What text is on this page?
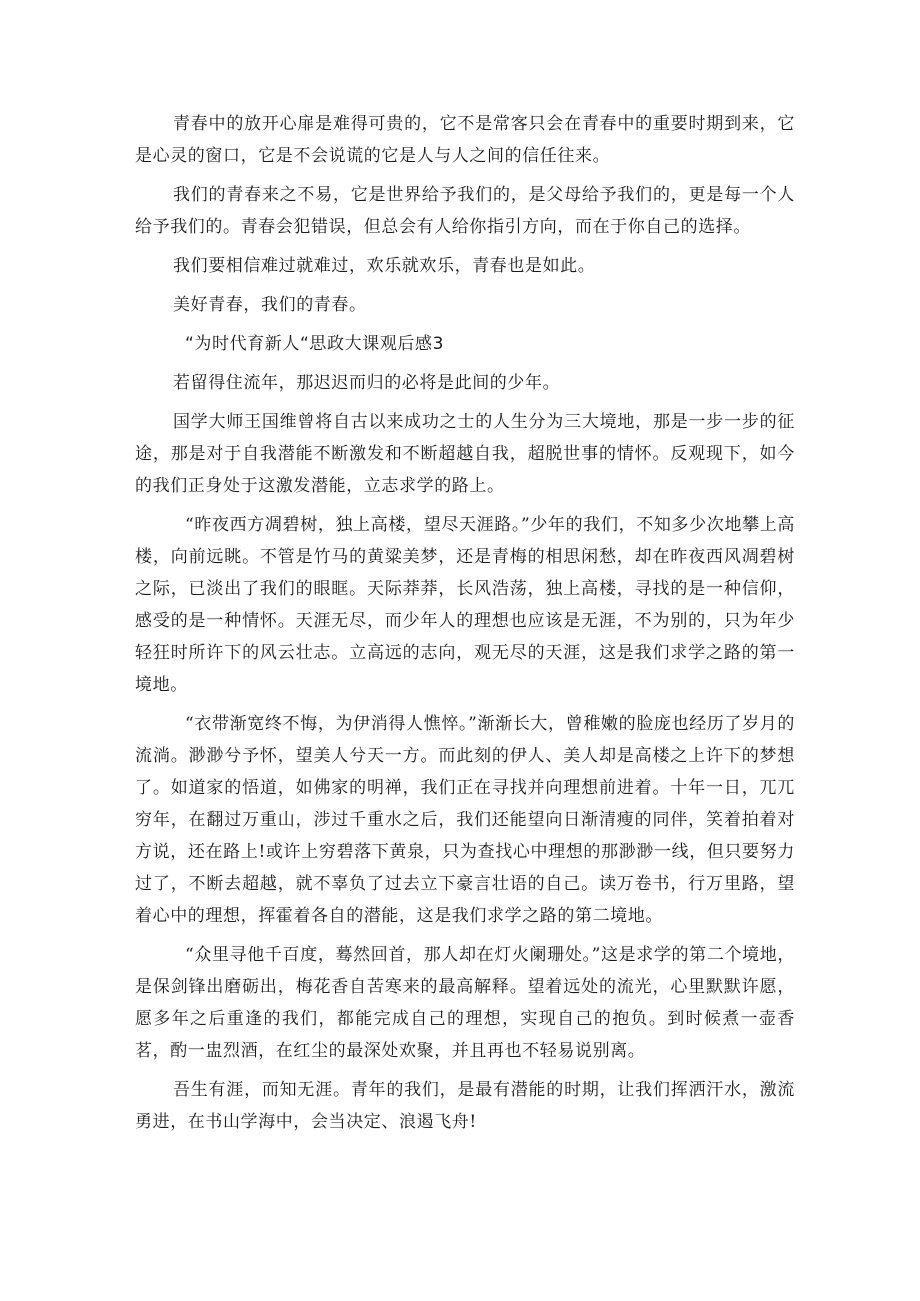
青春中的放开心扉是难得可贵的，它不是常客只会在青春中的重要时期到来，它是心灵的窗口，它是不会说谎的它是人与人之间的信任往来。

我们的青春来之不易，它是世界给予我们的，是父母给予我们的，更是每一个人给予我们的。青春会犯错误，但总会有人给你指引方向，而在于你自己的选择。

我们要相信难过就难过，欢乐就欢乐，青春也是如此。

美好青春，我们的青春。

“为时代育新人“思政大课观后感3

若留得住流年，那迟迟而归的必将是此间的少年。

国学大师王国维曾将自古以来成功之士的人生分为三大境地，那是一步一步的征途，那是对于自我潜能不断激发和不断超越自我，超脱世事的情怀。反观现下，如今的我们正身处于这激发潜能，立志求学的路上。

“昨夜西方凋碧树，独上高楼，望尽天涯路。”少年的我们，不知多少次地攀上高楼，向前远眺。不管是竹马的黄粱美梦，还是青梅的相思闲愁，却在昨夜西风凋碧树之际，已淡出了我们的眼眶。天际莽莽，长风浩荡，独上高楼，寻找的是一种信仰，感受的是一种情怀。天涯无尽，而少年人的理想也应该是无涯，不为别的，只为年少轻狂时所许下的风云壮志。立高远的志向，观无尽的天涯，这是我们求学之路的第一境地。

“衣带渐宽终不悔，为伊消得人憔悴。”渐渐长大，曾稚嫩的脸庞也经历了岁月的流淌。渺渺兮予怀，望美人兮天一方。而此刻的伊人、美人却是高楼之上许下的梦想了。如道家的悟道，如佛家的明禅，我们正在寻找并向理想前进着。十年一日，兀兀穷年，在翻过万重山，涉过千重水之后，我们还能望向日渐清瘦的同伴，笑着拍着对方说，还在路上!或许上穷碧落下黄泉，只为查找心中理想的那渺渺一线，但只要努力过了，不断去超越，就不辜负了过去立下豪言壮语的自己。读万卷书，行万里路，望着心中的理想，挥霍着各自的潜能，这是我们求学之路的第二境地。

“众里寻他千百度，蓦然回首，那人却在灯火阑珊处。”这是求学的第二个境地，是保剑锋出磨砺出，梅花香自苦寒来的最高解释。望着远处的流光，心里默默许愿，愿多年之后重逢的我们，都能完成自己的理想，实现自己的抱负。到时候煮一壶香茗，酌一盅烈酒，在红尘的最深处欢聚，并且再也不轻易说别离。

吾生有涯，而知无涯。青年的我们，是最有潜能的时期，让我们挥洒汗水，激流勇进，在书山学海中，会当决定、浪遏飞舟!
